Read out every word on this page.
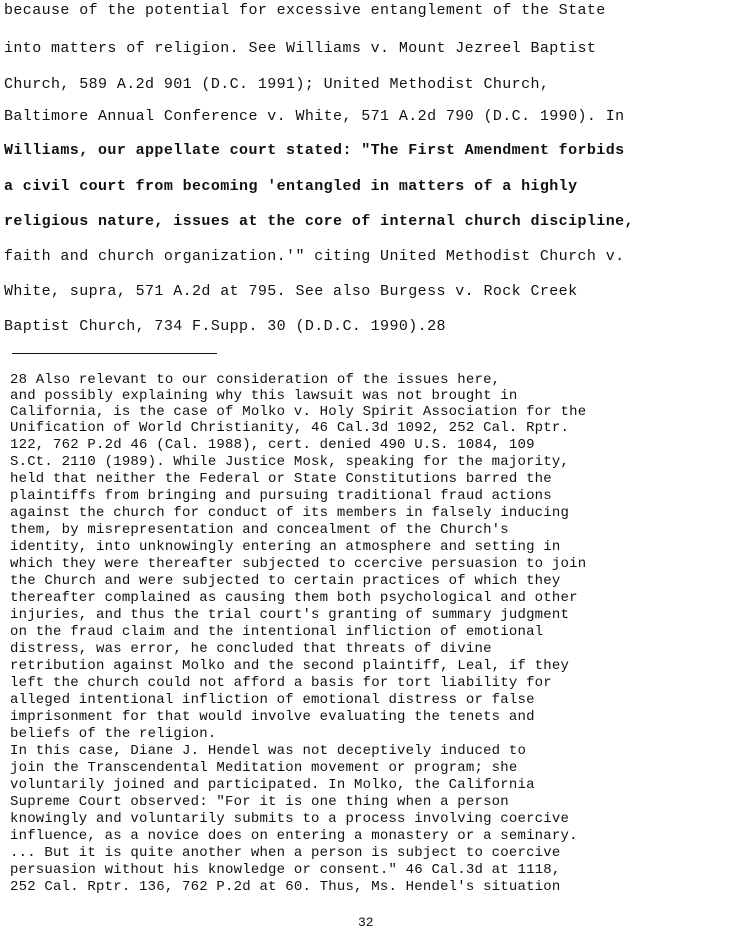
because of the potential for excessive entanglement of the State
into matters of religion. See Williams v. Mount Jezreel Baptist
Church, 589 A.2d 901 (D.C. 1991); United Methodist Church,
Baltimore Annual Conference v. White, 571 A.2d 790 (D.C. 1990). In
Williams, our appellate court stated: "The First Amendment forbids
a civil court from becoming 'entangled in matters of a highly
religious nature, issues at the core of internal church discipline,
faith and church organization.'" citing United Methodist Church v.
White, supra, 571 A.2d at 795. See also Burgess v. Rock Creek
Baptist Church, 734 F.Supp. 30 (D.D.C. 1990).28
28 Also relevant to our consideration of the issues here,
and possibly explaining why this lawsuit was not brought in
California, is the case of Molko v. Holy Spirit Association for the
Unification of World Christianity, 46 Cal.3d 1092, 252 Cal. Rptr.
122, 762 P.2d 46 (Cal. 1988), cert. denied 490 U.S. 1084, 109
S.Ct. 2110 (1989). While Justice Mosk, speaking for the majority,
held that neither the Federal or State Constitutions barred the
plaintiffs from bringing and pursuing traditional fraud actions
against the church for conduct of its members in falsely inducing
them, by misrepresentation and concealment of the Church's
identity, into unknowingly entering an atmosphere and setting in
which they were thereafter subjected to ccercive persuasion to join
the Church and were subjected to certain practices of which they
thereafter complained as causing them both psychological and other
injuries, and thus the trial court's granting of summary judgment
on the fraud claim and the intentional infliction of emotional
distress, was error, he concluded that threats of divine
retribution against Molko and the second plaintiff, Leal, if they
left the church could not afford a basis for tort liability for
alleged intentional infliction of emotional distress or false
imprisonment for that would involve evaluating the tenets and
beliefs of the religion.
In this case, Diane J. Hendel was not deceptively induced to
join the Transcendental Meditation movement or program; she
voluntarily joined and participated. In Molko, the California
Supreme Court observed: "For it is one thing when a person
knowingly and voluntarily submits to a process involving coercive
influence, as a novice does on entering a monastery or a seminary.
... But it is quite another when a person is subject to coercive
persuasion without his knowledge or consent." 46 Cal.3d at 1118,
252 Cal. Rptr. 136, 762 P.2d at 60. Thus, Ms. Hendel's situation
32
